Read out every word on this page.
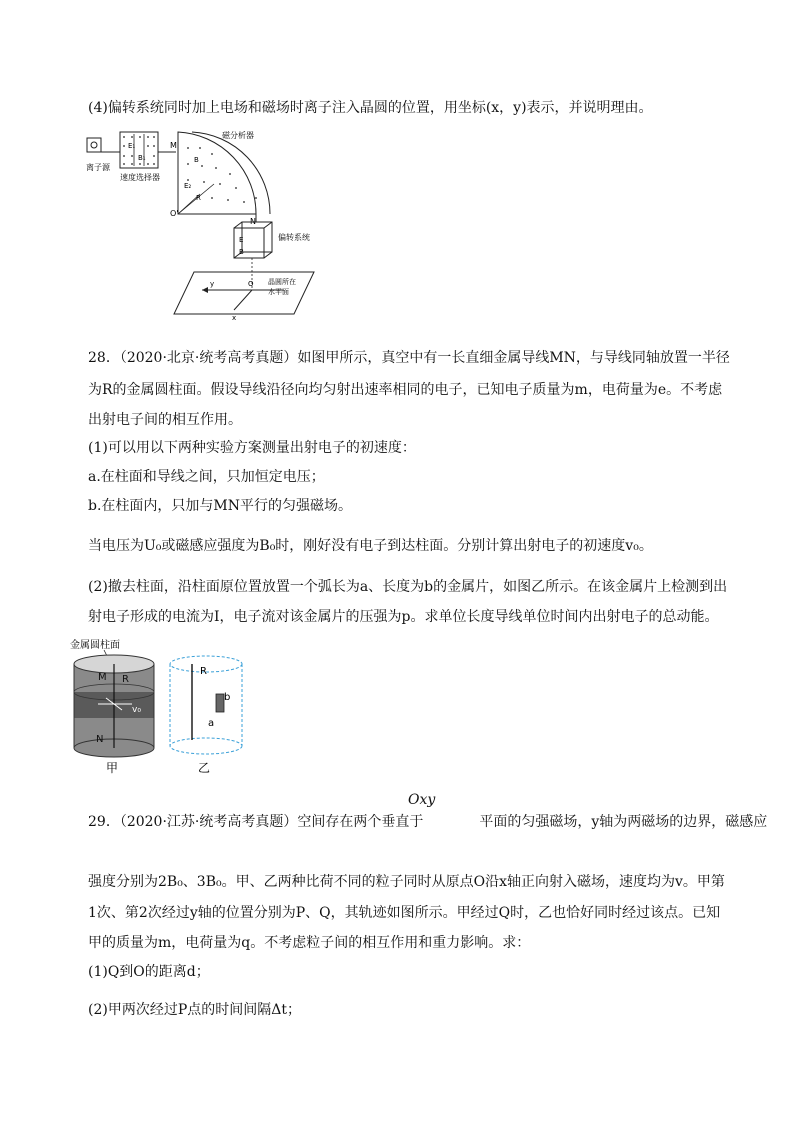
(4)偏转系统同时加上电场和磁场时离子注入晶圆的位置，用坐标(x，y)表示，并说明理由。
离子源
E₁
B₁
速度选择器
M
磁分析器
B
E₂
R
O'
N
偏转系统
E
B
O
y
x
晶圆所在
水平面
28．（2020·北京·统考高考真题）如图甲所示，真空中有一长直细金属导线MN，与导线同轴放置一半径
为R的金属圆柱面。假设导线沿径向均匀射出速率相同的电子，已知电子质量为m，电荷量为e。不考虑
出射电子间的相互作用。
(1)可以用以下两种实验方案测量出射电子的初速度：
a.在柱面和导线之间，只加恒定电压；
b.在柱面内，只加与MN平行的匀强磁场。
当电压为U₀或磁感应强度为B₀时，刚好没有电子到达柱面。分别计算出射电子的初速度v₀。
(2)撤去柱面，沿柱面原位置放置一个弧长为a、长度为b的金属片，如图乙所示。在该金属片上检测到出
射电子形成的电流为I，电子流对该金属片的压强为p。求单位长度导线单位时间内出射电子的总动能。
金属圆柱面
M
N
R
v₀
R
b
a
甲	乙
Oxy
29．（2020·江苏·统考高考真题）空间存在两个垂直于　　　　平面的匀强磁场，y轴为两磁场的边界，磁感应
强度分别为2B₀、3B₀。甲、乙两种比荷不同的粒子同时从原点O沿x轴正向射入磁场，速度均为v。甲第
1次、第2次经过y轴的位置分别为P、Q，其轨迹如图所示。甲经过Q时，乙也恰好同时经过该点。已知
甲的质量为m，电荷量为q。不考虑粒子间的相互作用和重力影响。求：
(1)Q到O的距离d；
(2)甲两次经过P点的时间间隔Δt；
